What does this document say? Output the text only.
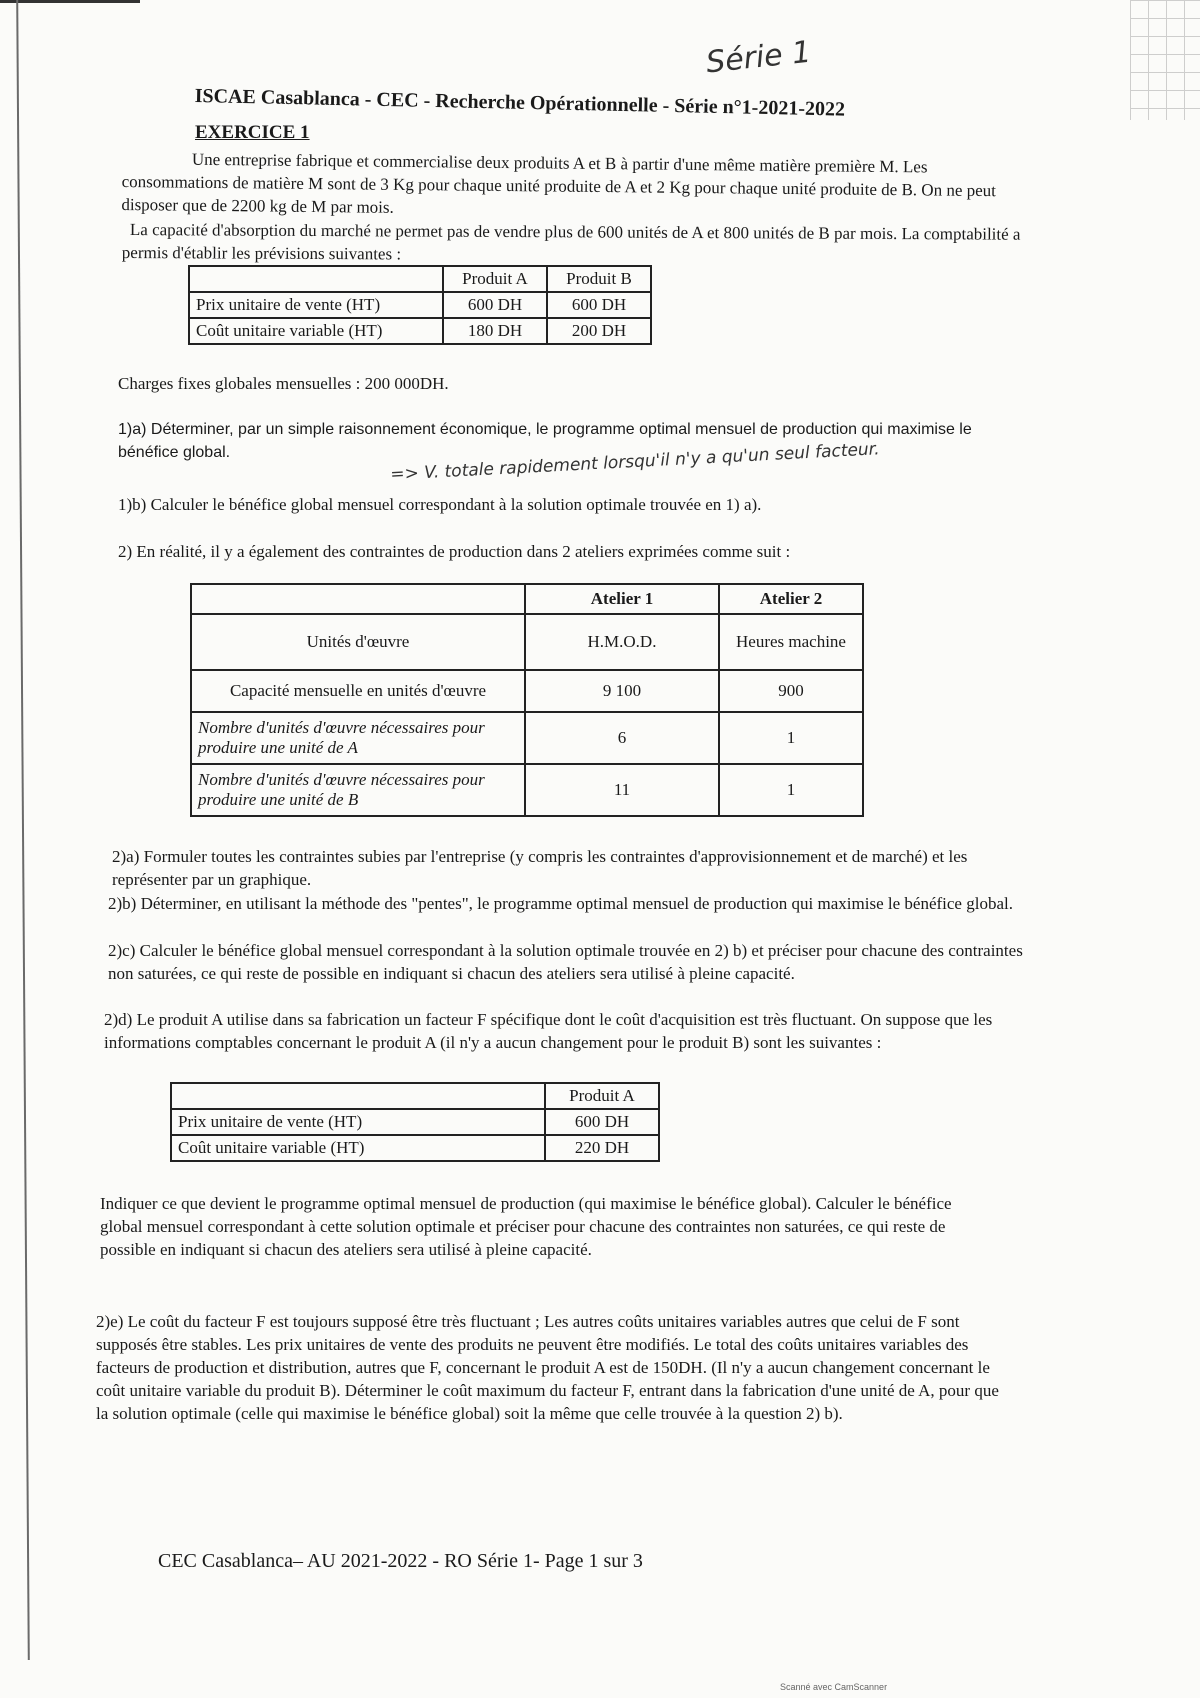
Série 1
ISCAE Casablanca - CEC - Recherche Opérationnelle - Série n°1-2021-2022
EXERCICE 1
Une entreprise fabrique et commercialise deux produits A et B à partir d'une même matière première M. Les consommations de matière M sont de 3 Kg pour chaque unité produite de A et 2 Kg pour chaque unité produite de B. On ne peut disposer que de 2200 kg de M par mois.
La capacité d'absorption du marché ne permet pas de vendre plus de 600 unités de A et 800 unités de B par mois. La comptabilité a permis d'établir les prévisions suivantes :
	Produit A	Produit B
Prix unitaire de vente (HT)	600 DH	600 DH
Coût unitaire variable (HT)	180 DH	200 DH
Charges fixes globales mensuelles : 200 000DH.
1)a) Déterminer, par un simple raisonnement économique, le programme optimal mensuel de production qui maximise le bénéfice global.	=> V. totale rapidement lorsqu'il n'y a qu'un seul facteur.
1)b) Calculer le bénéfice global mensuel correspondant à la solution optimale trouvée en 1) a).
2) En réalité, il y a également des contraintes de production dans 2 ateliers exprimées comme suit :
	Atelier 1	Atelier 2
Unités d'œuvre	H.M.O.D.	Heures machine
Capacité mensuelle en unités d'œuvre	9 100	900
Nombre d'unités d'œuvre nécessaires pour produire une unité de A	6	1
Nombre d'unités d'œuvre nécessaires pour produire une unité de B	11	1
2)a) Formuler toutes les contraintes subies par l'entreprise (y compris les contraintes d'approvisionnement et de marché) et les représenter par un graphique.
2)b) Déterminer, en utilisant la méthode des "pentes", le programme optimal mensuel de production qui maximise le bénéfice global.
2)c) Calculer le bénéfice global mensuel correspondant à la solution optimale trouvée en 2) b) et préciser pour chacune des contraintes non saturées, ce qui reste de possible en indiquant si chacun des ateliers sera utilisé à pleine capacité.
2)d) Le produit A utilise dans sa fabrication un facteur F spécifique dont le coût d'acquisition est très fluctuant. On suppose que les informations comptables concernant le produit A (il n'y a aucun changement pour le produit B) sont les suivantes :
	Produit A
Prix unitaire de vente (HT)	600 DH
Coût unitaire variable (HT)	220 DH
Indiquer ce que devient le programme optimal mensuel de production (qui maximise le bénéfice global). Calculer le bénéfice global mensuel correspondant à cette solution optimale et préciser pour chacune des contraintes non saturées, ce qui reste de possible en indiquant si chacun des ateliers sera utilisé à pleine capacité.
2)e) Le coût du facteur F est toujours supposé être très fluctuant ; Les autres coûts unitaires variables autres que celui de F sont supposés être stables. Les prix unitaires de vente des produits ne peuvent être modifiés. Le total des coûts unitaires variables des facteurs de production et distribution, autres que F, concernant le produit A est de 150DH. (Il n'y a aucun changement concernant le coût unitaire variable du produit B). Déterminer le coût maximum du facteur F, entrant dans la fabrication d'une unité de A, pour que la solution optimale (celle qui maximise le bénéfice global) soit la même que celle trouvée à la question 2) b).
CEC Casablanca– AU 2021-2022 - RO Série 1- Page 1 sur 3
Scanné avec CamScanner
